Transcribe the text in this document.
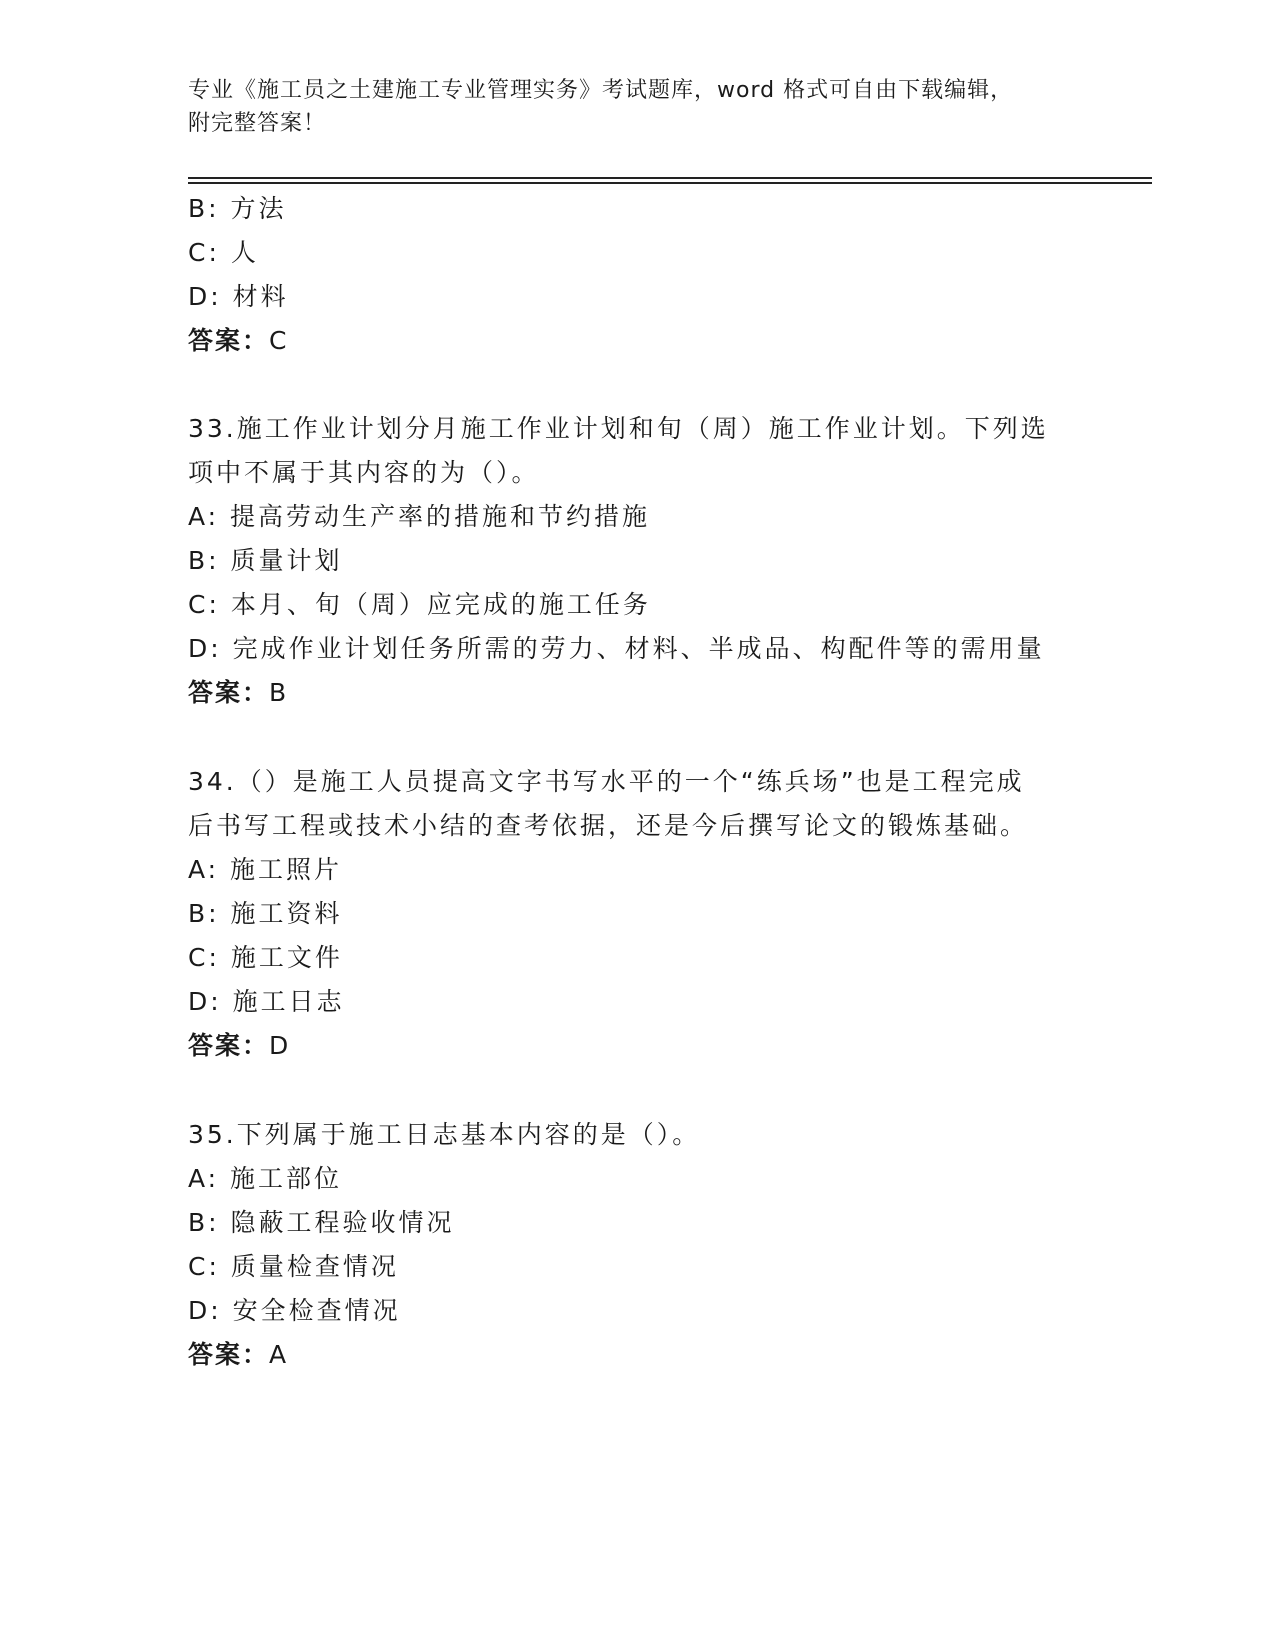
专业《施工员之土建施工专业管理实务》考试题库，word 格式可自由下载编辑，
附完整答案！
B: 方法
C: 人
D: 材料
答案：C
33.施工作业计划分月施工作业计划和旬（周）施工作业计划。下列选
项中不属于其内容的为（）。
A: 提高劳动生产率的措施和节约措施
B: 质量计划
C: 本月、旬（周）应完成的施工任务
D: 完成作业计划任务所需的劳力、材料、半成品、构配件等的需用量
答案：B
34.（）是施工人员提高文字书写水平的一个“练兵场”也是工程完成
后书写工程或技术小结的查考依据，还是今后撰写论文的锻炼基础。
A: 施工照片
B: 施工资料
C: 施工文件
D: 施工日志
答案：D
35.下列属于施工日志基本内容的是（）。
A: 施工部位
B: 隐蔽工程验收情况
C: 质量检查情况
D: 安全检查情况
答案：A
